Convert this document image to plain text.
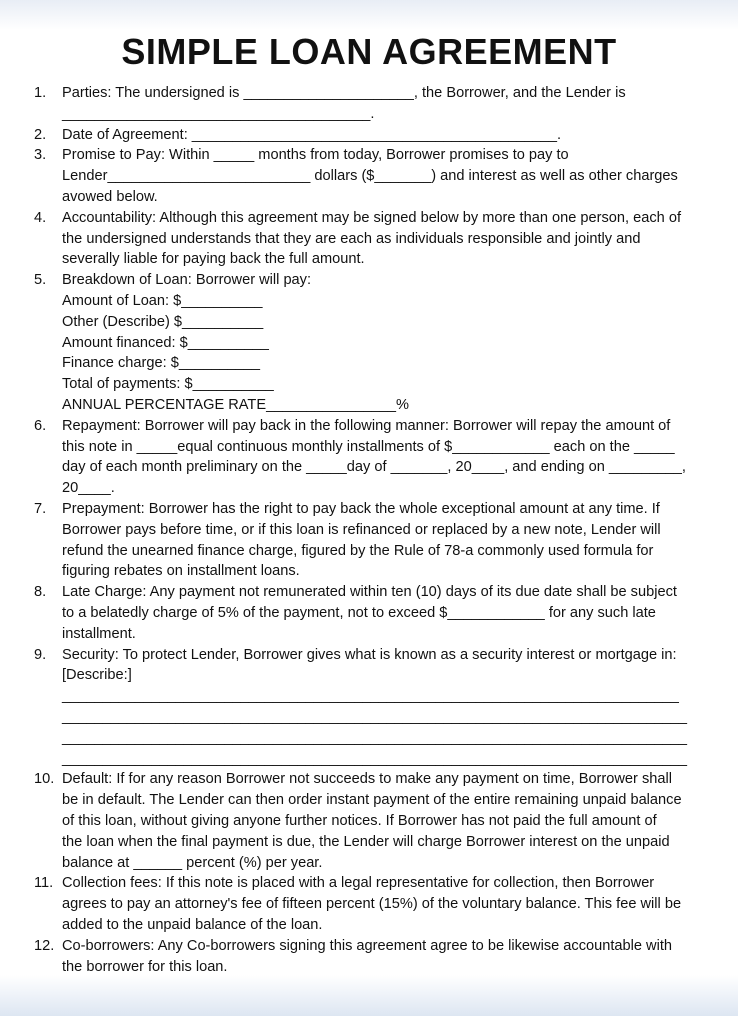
SIMPLE LOAN AGREEMENT
1. Parties: The undersigned is _____________________, the Borrower, and the Lender is
______________________________________.
2. Date of Agreement: _____________________________________________.
3. Promise to Pay: Within _____ months from today, Borrower promises to pay to
Lender_________________________ dollars ($_______) and interest as well as other charges
avowed below.
4. Accountability: Although this agreement may be signed below by more than one person, each of
the undersigned understands that they are each as individuals responsible and jointly and
severally liable for paying back the full amount.
5. Breakdown of Loan: Borrower will pay:
Amount of Loan: $__________
Other (Describe) $__________
Amount financed: $__________
Finance charge: $__________
Total of payments: $__________
ANNUAL PERCENTAGE RATE________________%
6. Repayment: Borrower will pay back in the following manner: Borrower will repay the amount of
this note in _____equal continuous monthly installments of $____________ each on the _____
day of each month preliminary on the _____day of _______, 20____, and ending on _________,
20____.
7. Prepayment: Borrower has the right to pay back the whole exceptional amount at any time. If
Borrower pays before time, or if this loan is refinanced or replaced by a new note, Lender will
refund the unearned finance charge, figured by the Rule of 78-a commonly used formula for
figuring rebates on installment loans.
8. Late Charge: Any payment not remunerated within ten (10) days of its due date shall be subject
to a belatedly charge of 5% of the payment, not to exceed $____________ for any such late
installment.
9. Security: To protect Lender, Borrower gives what is known as a security interest or mortgage in:
[Describe:]
____________________________________________________________________________
_____________________________________________________________________________
_____________________________________________________________________________
_____________________________________________________________________________
10. Default: If for any reason Borrower not succeeds to make any payment on time, Borrower shall
be in default. The Lender can then order instant payment of the entire remaining unpaid balance
of this loan, without giving anyone further notices. If Borrower has not paid the full amount of
the loan when the final payment is due, the Lender will charge Borrower interest on the unpaid
balance at ______ percent (%) per year.
11. Collection fees: If this note is placed with a legal representative for collection, then Borrower
agrees to pay an attorney's fee of fifteen percent (15%) of the voluntary balance. This fee will be
added to the unpaid balance of the loan.
12. Co-borrowers: Any Co-borrowers signing this agreement agree to be likewise accountable with
the borrower for this loan.
